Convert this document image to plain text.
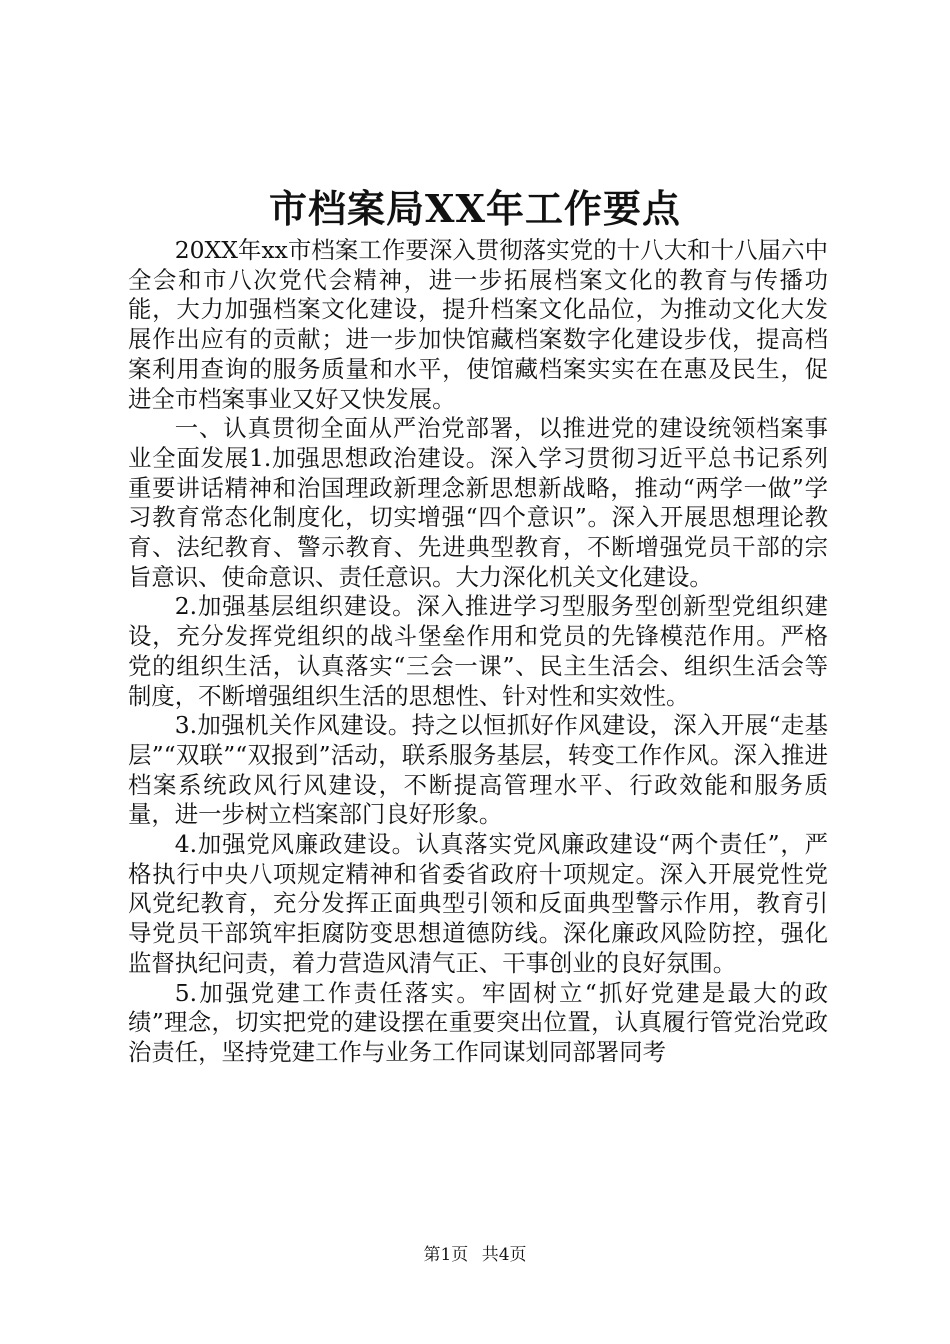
市档案局XX年工作要点

20XX年xx市档案工作要深入贯彻落实党的十八大和十八届六中全会和市八次党代会精神，进一步拓展档案文化的教育与传播功能，大力加强档案文化建设，提升档案文化品位，为推动文化大发展作出应有的贡献；进一步加快馆藏档案数字化建设步伐，提高档案利用查询的服务质量和水平，使馆藏档案实实在在惠及民生，促进全市档案事业又好又快发展。

一、认真贯彻全面从严治党部署，以推进党的建设统领档案事业全面发展1.加强思想政治建设。深入学习贯彻习近平总书记系列重要讲话精神和治国理政新理念新思想新战略，推动“两学一做”学习教育常态化制度化，切实增强“四个意识”。深入开展思想理论教育、法纪教育、警示教育、先进典型教育，不断增强党员干部的宗旨意识、使命意识、责任意识。大力深化机关文化建设。

2.加强基层组织建设。深入推进学习型服务型创新型党组织建设，充分发挥党组织的战斗堡垒作用和党员的先锋模范作用。严格党的组织生活，认真落实“三会一课”、民主生活会、组织生活会等制度，不断增强组织生活的思想性、针对性和实效性。

3.加强机关作风建设。持之以恒抓好作风建设，深入开展“走基层”“双联”“双报到”活动，联系服务基层，转变工作作风。深入推进档案系统政风行风建设，不断提高管理水平、行政效能和服务质量，进一步树立档案部门良好形象。

4.加强党风廉政建设。认真落实党风廉政建设“两个责任”，严格执行中央八项规定精神和省委省政府十项规定。深入开展党性党风党纪教育，充分发挥正面典型引领和反面典型警示作用，教育引导党员干部筑牢拒腐防变思想道德防线。深化廉政风险防控，强化监督执纪问责，着力营造风清气正、干事创业的良好氛围。

5.加强党建工作责任落实。牢固树立“抓好党建是最大的政绩”理念，切实把党的建设摆在重要突出位置，认真履行管党治党政治责任，坚持党建工作与业务工作同谋划同部署同考

第1页 共4页
